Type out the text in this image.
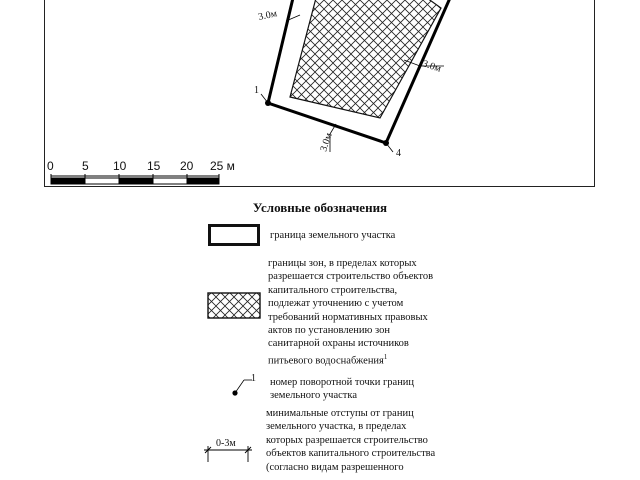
1
4
3.0м
3.0м
3.0м
0 5 10 15 20 25 м
1
0-3м
Условные обозначения
граница земельного участка
границы зон, в пределах которых
разрешается строительство объектов
капитального строительства,
подлежат уточнению с учетом
требований нормативных правовых
актов по установлению зон
санитарной охраны источников
питьевого водоснабжения$^1$
номер поворотной точки границ
земельного участка
минимальные отступы от границ
земельного участка, в пределах
которых разрешается строительство
объектов капитального строительства
(согласно видам разрешенного
